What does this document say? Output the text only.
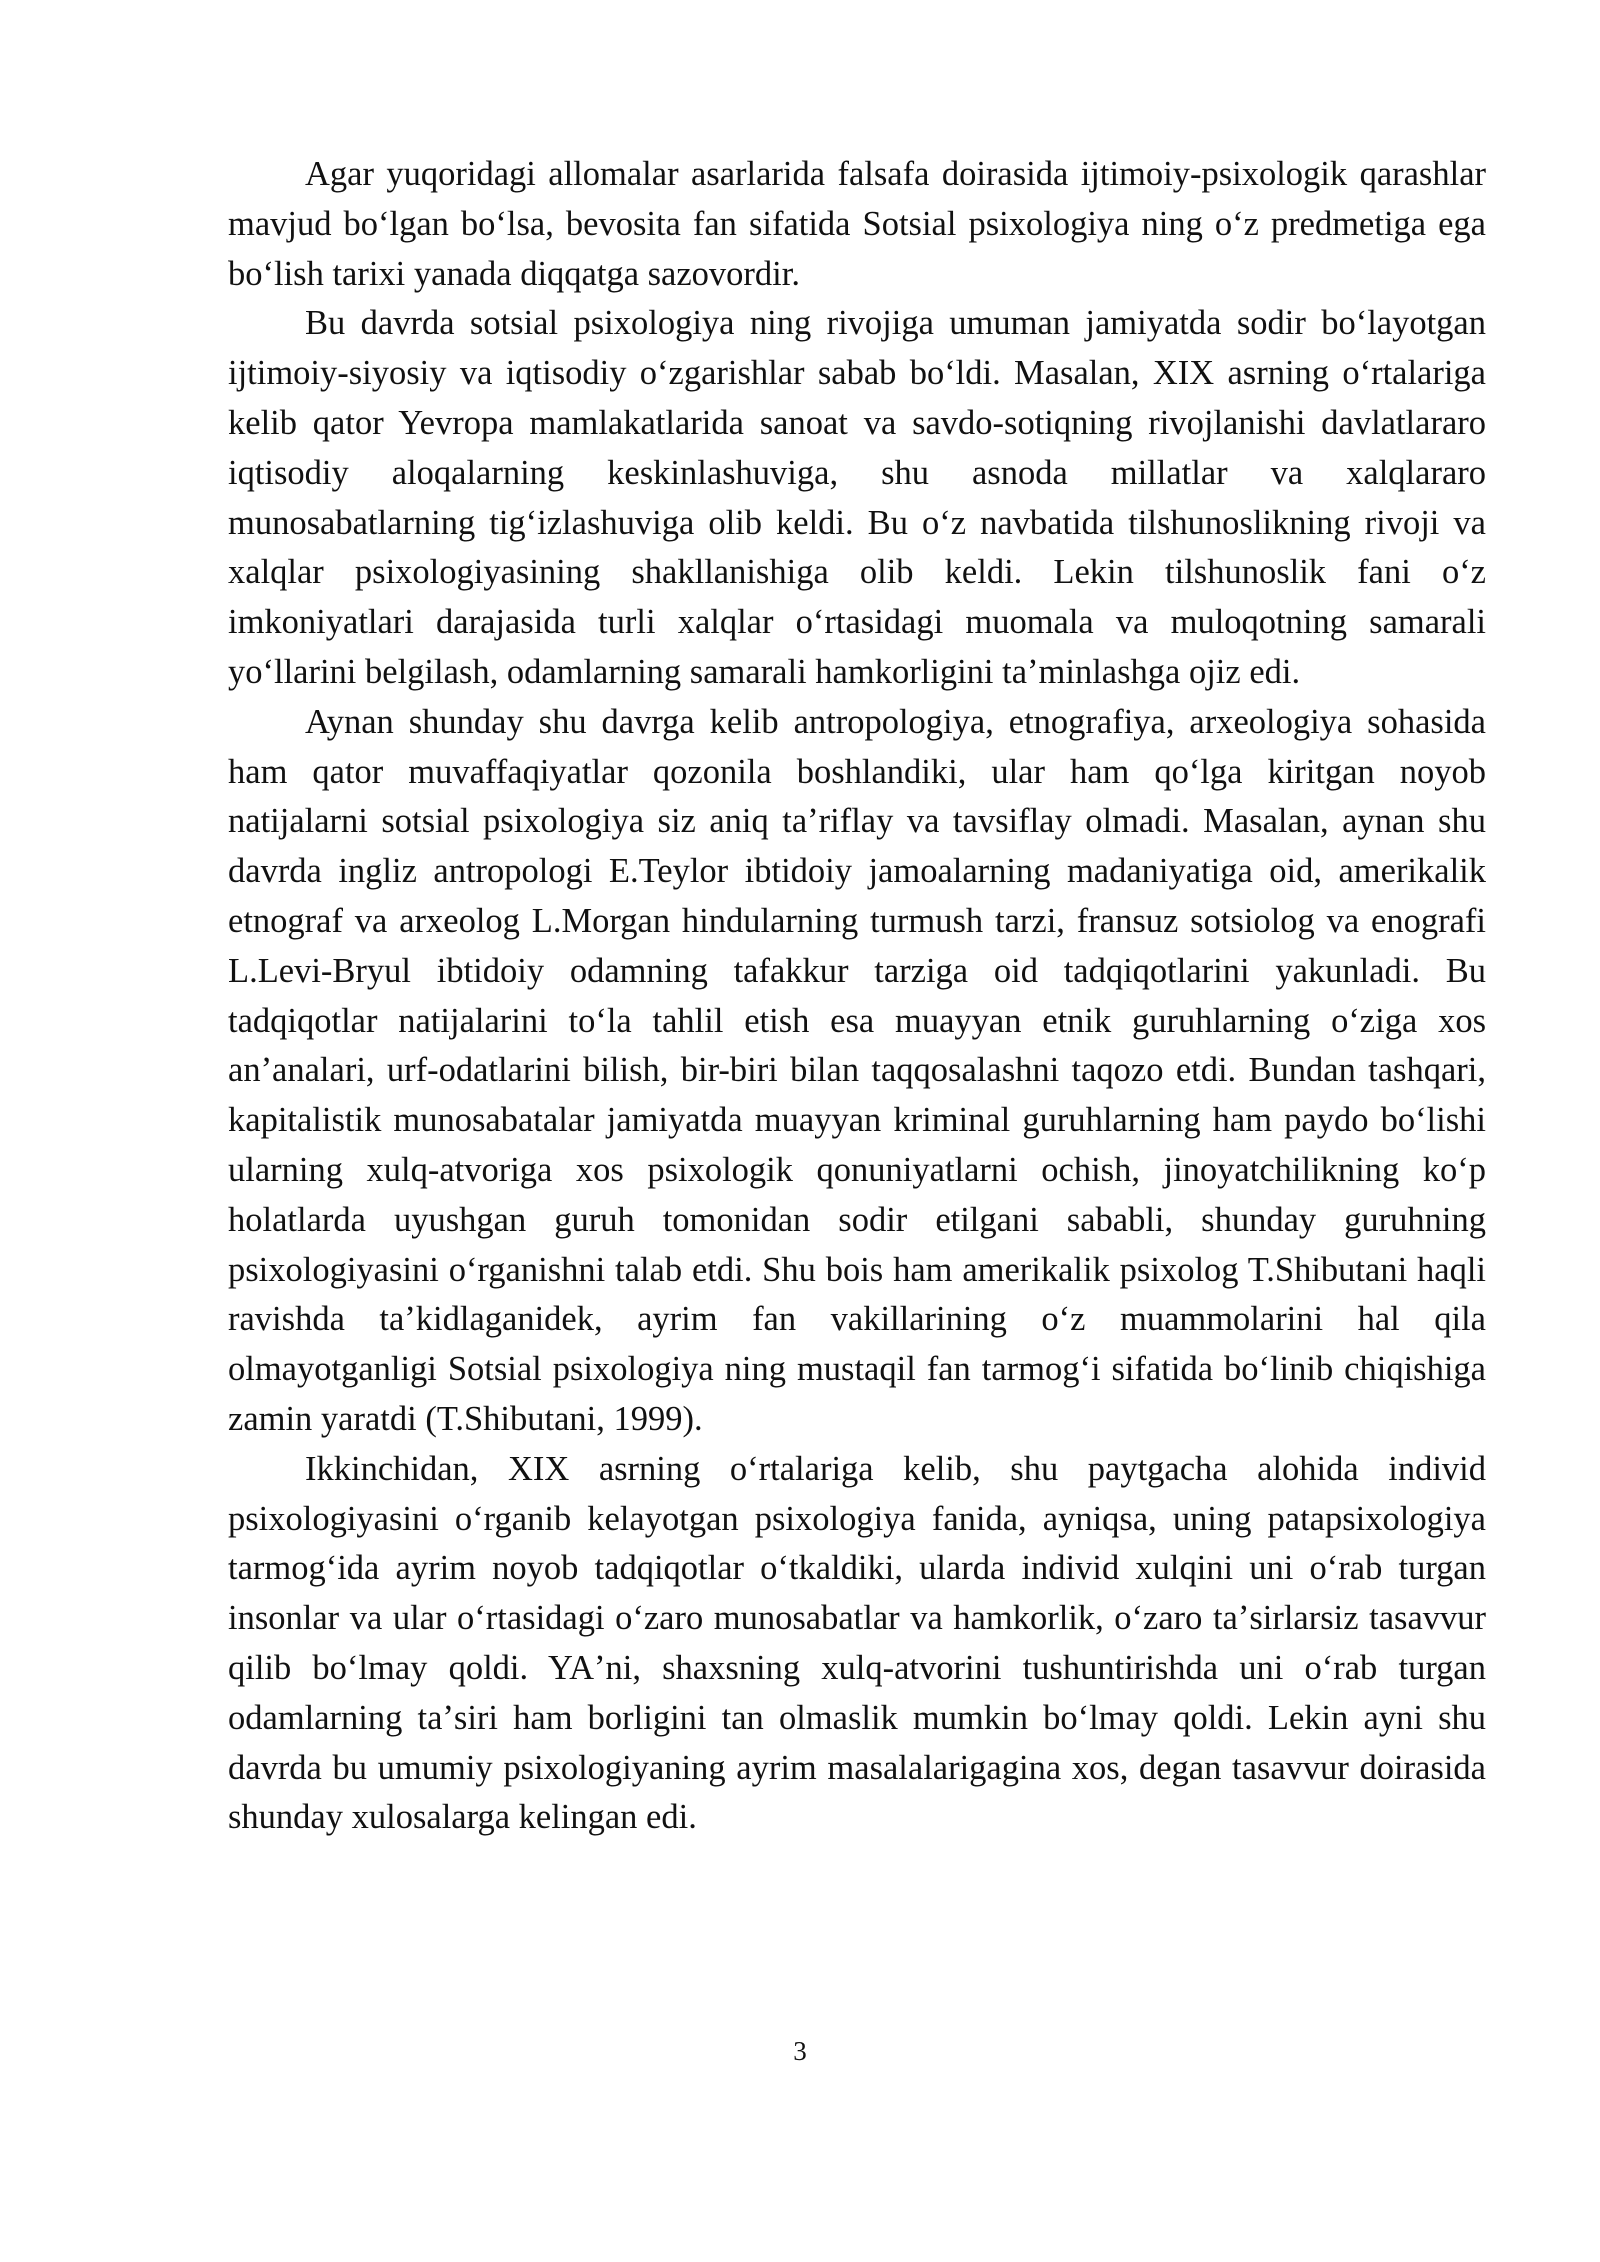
Agar yuqoridagi allomalar asarlarida falsafa doirasida ijtimoiy-psixologik qarashlar mavjud boʻlgan boʻlsa, bevosita fan sifatida Sotsial psixologiya ning oʻz predmetiga ega boʻlish tarixi yanada diqqatga sazovordir.

Bu davrda sotsial psixologiya ning rivojiga umuman jamiyatda sodir boʻlayotgan ijtimoiy-siyosiy va iqtisodiy oʻzgarishlar sabab boʻldi. Masalan, XIX asrning oʻrtalariga kelib qator Yevropa mamlakatlarida sanoat va savdo-sotiqning rivojlanishi davlatlararo iqtisodiy aloqalarning keskinlashuviga, shu asnoda millatlar va xalqlararo munosabatlarning tigʻizlashuviga olib keldi. Bu oʻz navbatida tilshunoslikning rivoji va xalqlar psixologiyasining shakllanishiga olib keldi. Lekin tilshunoslik fani oʻz imkoniyatlari darajasida turli xalqlar oʻrtasidagi muomala va muloqotning samarali yoʻllarini belgilash, odamlarning samarali hamkorligini taʼminlashga ojiz edi.

Aynan shunday shu davrga kelib antropologiya, etnografiya, arxeologiya sohasida ham qator muvaffaqiyatlar qozonila boshlandiki, ular ham qoʻlga kiritgan noyob natijalarni sotsial psixologiya siz aniq taʼriflay va tavsiflay olmadi. Masalan, aynan shu davrda ingliz antropologi E.Teylor ibtidoiy jamoalarning madaniyatiga oid, amerikalik etnograf va arxeolog L.Morgan hindularning turmush tarzi, fransuz sotsiolog va enografi L.Levi-Bryul ibtidoiy odamning tafakkur tarziga oid tadqiqotlarini yakunladi. Bu tadqiqotlar natijalarini toʻla tahlil etish esa muayyan etnik guruhlarning oʻziga xos anʼanalari, urf-odatlarini bilish, bir-biri bilan taqqosalashni taqozo etdi. Bundan tashqari, kapitalistik munosabatalar jamiyatda muayyan kriminal guruhlarning ham paydo boʻlishi ularning xulq-atvoriga xos psixologik qonuniyatlarni ochish, jinoyatchilikning koʻp holatlarda uyushgan guruh tomonidan sodir etilgani sababli, shunday guruhning psixologiyasini oʻrganishni talab etdi. Shu bois ham amerikalik psixolog T.Shibutani haqli ravishda taʼkidlaganidek, ayrim fan vakillarining oʻz muammolarini hal qila olmayotganligi Sotsial psixologiya ning mustaqil fan tarmogʻi sifatida boʻlinib chiqishiga zamin yaratdi (T.Shibutani, 1999).

Ikkinchidan, XIX asrning oʻrtalariga kelib, shu paytgacha alohida individ psixologiyasini oʻrganib kelayotgan psixologiya fanida, ayniqsa, uning patapsixologiya tarmogʻida ayrim noyob tadqiqotlar oʻtkaldiki, ularda individ xulqini uni oʻrab turgan insonlar va ular oʻrtasidagi oʻzaro munosabatlar va hamkorlik, oʻzaro taʼsirlarsiz tasavvur qilib boʻlmay qoldi. YAʼni, shaxsning xulq-atvorini tushuntirishda uni oʻrab turgan odamlarning taʼsiri ham borligini tan olmaslik mumkin boʻlmay qoldi. Lekin ayni shu davrda bu umumiy psixologiyaning ayrim masalalarigagina xos, degan tasavvur doirasida shunday xulosalarga kelingan edi.

3
